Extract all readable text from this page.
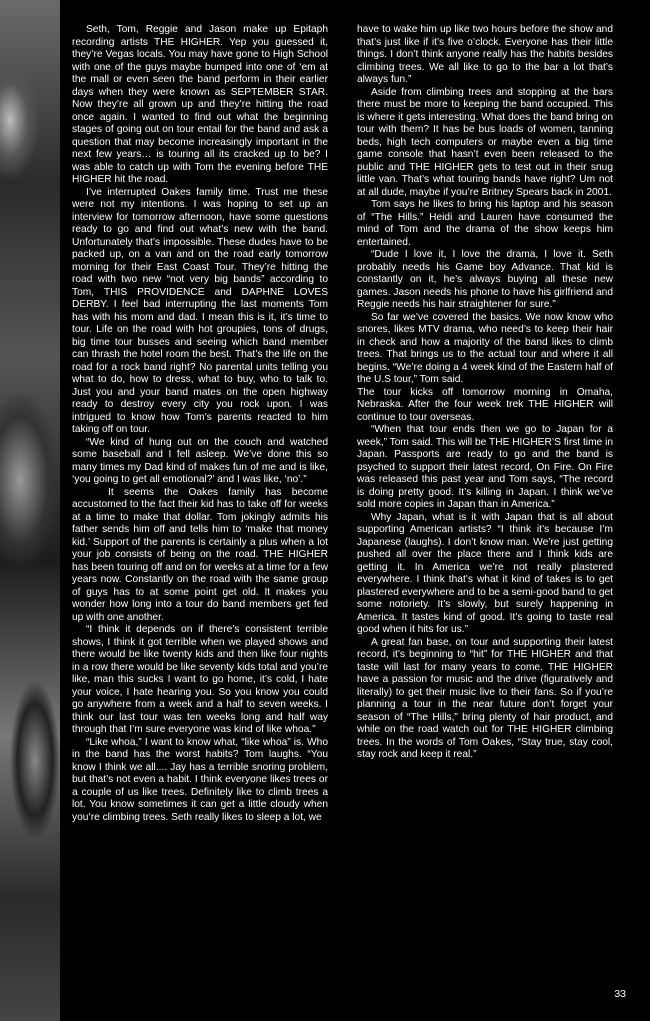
Seth, Tom, Reggie and Jason make up Epitaph recording artists THE HIGHER. Yep you guessed it, they’re Vegas locals. You may have gone to High School with one of the guys maybe bumped into one of ‘em at the mall or even seen the band perform in their earlier days when they were known as SEPTEMBER STAR. Now they’re all grown up and they’re hitting the road once again. I wanted to find out what the beginning stages of going out on tour entail for the band and ask a question that may become increasingly important in the next few years… is touring all its cracked up to be? I was able to catch up with Tom the evening before THE HIGHER hit the road.

I’ve interrupted Oakes family time. Trust me these were not my intentions. I was hoping to set up an interview for tomorrow afternoon, have some questions ready to go and find out what’s new with the band. Unfortunately that’s impossible. These dudes have to be packed up, on a van and on the road early tomorrow morning for their East Coast Tour. They’re hitting the road with two new “not very big bands” according to Tom, THIS PROVIDENCE and DAPHNE LOVES DERBY. I feel bad interrupting the last moments Tom has with his mom and dad. I mean this is it, it’s time to tour. Life on the road with hot groupies, tons of drugs, big time tour busses and seeing which band member can thrash the hotel room the best. That’s the life on the road for a rock band right? No parental units telling you what to do, how to dress, what to buy, who to talk to. Just you and your band mates on the open highway ready to destroy every city you rock upon. I was intrigued to know how Tom’s parents reacted to him taking off on tour.

“We kind of hung out on the couch and watched some baseball and I fell asleep. We’ve done this so many times my Dad kind of makes fun of me and is like, ‘you going to get all emotional?’ and I was like, ‘no’.”

It seems the Oakes family has become accustomed to the fact their kid has to take off for weeks at a time to make that dollar. Tom jokingly admits his father sends him off and tells him to ‘make that money kid.’ Support of the parents is certainly a plus when a lot your job consists of being on the road. THE HIGHER has been touring off and on for weeks at a time for a few years now. Constantly on the road with the same group of guys has to at some point get old. It makes you wonder how long into a tour do band members get fed up with one another.

“I think it depends on if there’s consistent terrible shows, I think it got terrible when we played shows and there would be like twenty kids and then like four nights in a row there would be like seventy kids total and you’re like, man this sucks I want to go home, it’s cold, I hate your voice, I hate hearing you. So you know you could go anywhere from a week and a half to seven weeks. I think our last tour was ten weeks long and half way through that I’m sure everyone was kind of like whoa.”

“Like whoa,” I want to know what, “like whoa” is. Who in the band has the worst habits? Tom laughs. “You know I think we all.... Jay has a terrible snoring problem, but that’s not even a habit. I think everyone likes trees or a couple of us like trees. Definitely like to climb trees a lot. You know sometimes it can get a little cloudy when you’re climbing trees. Seth really likes to sleep a lot, we

have to wake him up like two hours before the show and that’s just like if it’s five o’clock. Everyone has their little things. I don’t think anyone really has the habits besides climbing trees. We all like to go to the bar a lot that’s always fun.”

Aside from climbing trees and stopping at the bars there must be more to keeping the band occupied. This is where it gets interesting. What does the band bring on tour with them? It has be bus loads of women, tanning beds, high tech computers or maybe even a big time game console that hasn’t even been released to the public and THE HIGHER gets to test out in their snug little van. That’s what touring bands have right? Um not at all dude, maybe if you’re Britney Spears back in 2001.

Tom says he likes to bring his laptop and his season of “The Hills.” Heidi and Lauren have consumed the mind of Tom and the drama of the show keeps him entertained.

“Dude I love it, I love the drama, I love it. Seth probably needs his Game boy Advance. That kid is constantly on it, he’s always buying all these new games. Jason needs his phone to have his girlfriend and Reggie needs his hair straightener for sure.”

So far we’ve covered the basics. We now know who snores, likes MTV drama, who need’s to keep their hair in check and how a majority of the band likes to climb trees. That brings us to the actual tour and where it all begins. “We’re doing a 4 week kind of the Eastern half of the U.S tour,” Tom said.

The tour kicks off tomorrow morning in Omaha, Nebraska. After the four week trek THE HIGHER will continue to tour overseas.

“When that tour ends then we go to Japan for a week,” Tom said. This will be THE HIGHER’S first time in Japan. Passports are ready to go and the band is psyched to support their latest record, On Fire. On Fire was released this past year and Tom says, “The record is doing pretty good. It’s killing in Japan. I think we’ve sold more copies in Japan than in America.”

Why Japan, what is it with Japan that is all about supporting American artists? “I think it’s because I’m Japanese (laughs). I don’t know man. We’re just getting pushed all over the place there and I think kids are getting it. In America we’re not really plastered everywhere. I think that’s what it kind of takes is to get plastered everywhere and to be a semi-good band to get some notoriety. It’s slowly, but surely happening in America. It tastes kind of good. It’s going to taste real good when it hits for us.”

A great fan base, on tour and supporting their latest record, it’s beginning to “hit” for THE HIGHER and that taste will last for many years to come. THE HIGHER have a passion for music and the drive (figuratively and literally) to get their music live to their fans. So if you’re planning a tour in the near future don’t forget your season of “The Hills,” bring plenty of hair product, and while on the road watch out for THE HIGHER climbing trees. In the words of Tom Oakes, “Stay true, stay cool, stay rock and keep it real.”

33
